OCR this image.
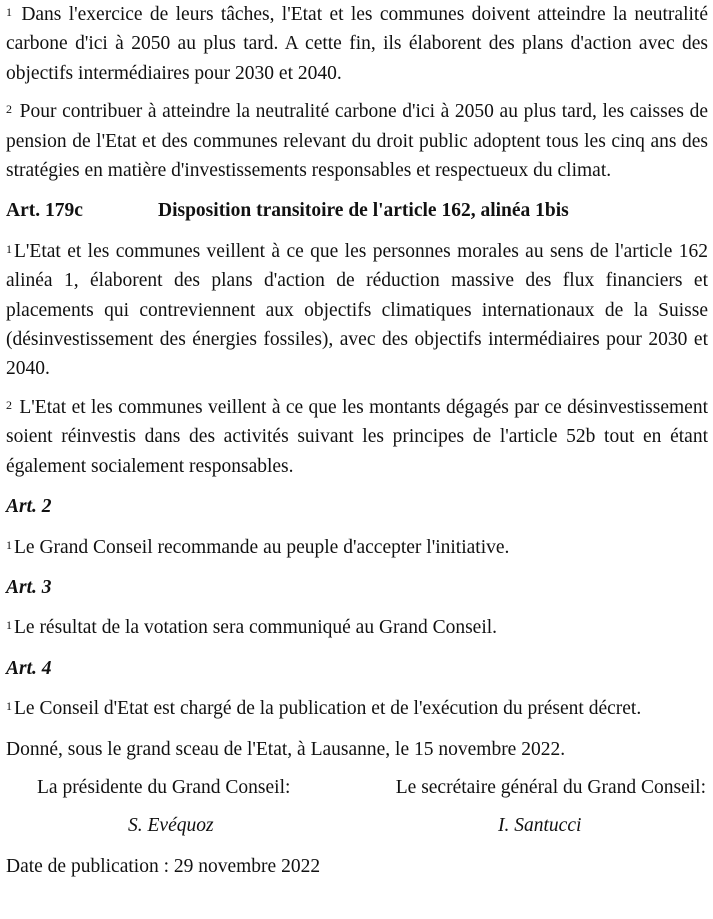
$^1$ Dans l'exercice de leurs tâches, l'Etat et les communes doivent atteindre la neutralité carbone d'ici à 2050 au plus tard. A cette fin, ils élaborent des plans d'action avec des objectifs intermédiaires pour 2030 et 2040.

$^2$ Pour contribuer à atteindre la neutralité carbone d'ici à 2050 au plus tard, les caisses de pension de l'Etat et des communes relevant du droit public adoptent tous les cinq ans des stratégies en matière d'investissements responsables et respectueux du climat.

Art. 179c	Disposition transitoire de l'article 162, alinéa 1bis

$^1$ L'Etat et les communes veillent à ce que les personnes morales au sens de l'article 162 alinéa 1, élaborent des plans d'action de réduction massive des flux financiers et placements qui contreviennent aux objectifs climatiques internationaux de la Suisse (désinvestissement des énergies fossiles), avec des objectifs intermédiaires pour 2030 et 2040.

$^2$ L'Etat et les communes veillent à ce que les montants dégagés par ce désinvestissement soient réinvestis dans des activités suivant les principes de l'article 52b tout en étant également socialement responsables.

Art. 2

$^1$ Le Grand Conseil recommande au peuple d'accepter l'initiative.

Art. 3

$^1$ Le résultat de la votation sera communiqué au Grand Conseil.

Art. 4

$^1$ Le Conseil d'Etat est chargé de la publication et de l'exécution du présent décret.

Donné, sous le grand sceau de l'Etat, à Lausanne, le 15 novembre 2022.

La présidente du Grand Conseil:	Le secrétaire général du Grand Conseil:
S. Evéquoz	I. Santucci

Date de publication : 29 novembre 2022
